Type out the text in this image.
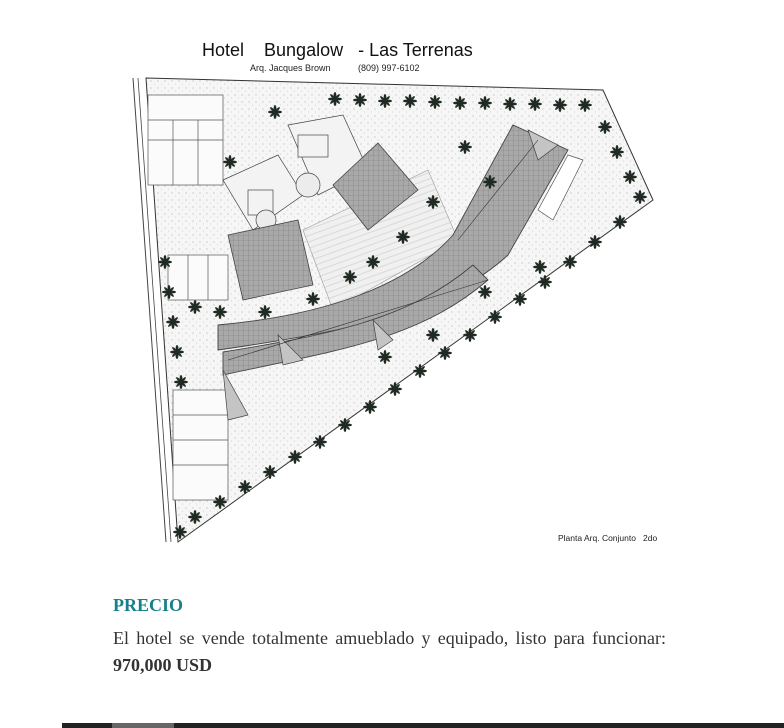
Hotel    Bungalow   - Las Terrenas
Arq. Jacques Brown	(809) 997-6102
Planta Arq. Conjunto   2do
PRECIO
El hotel se vende totalmente amueblado y equipado, listo para funcionar: 970,000 USD
